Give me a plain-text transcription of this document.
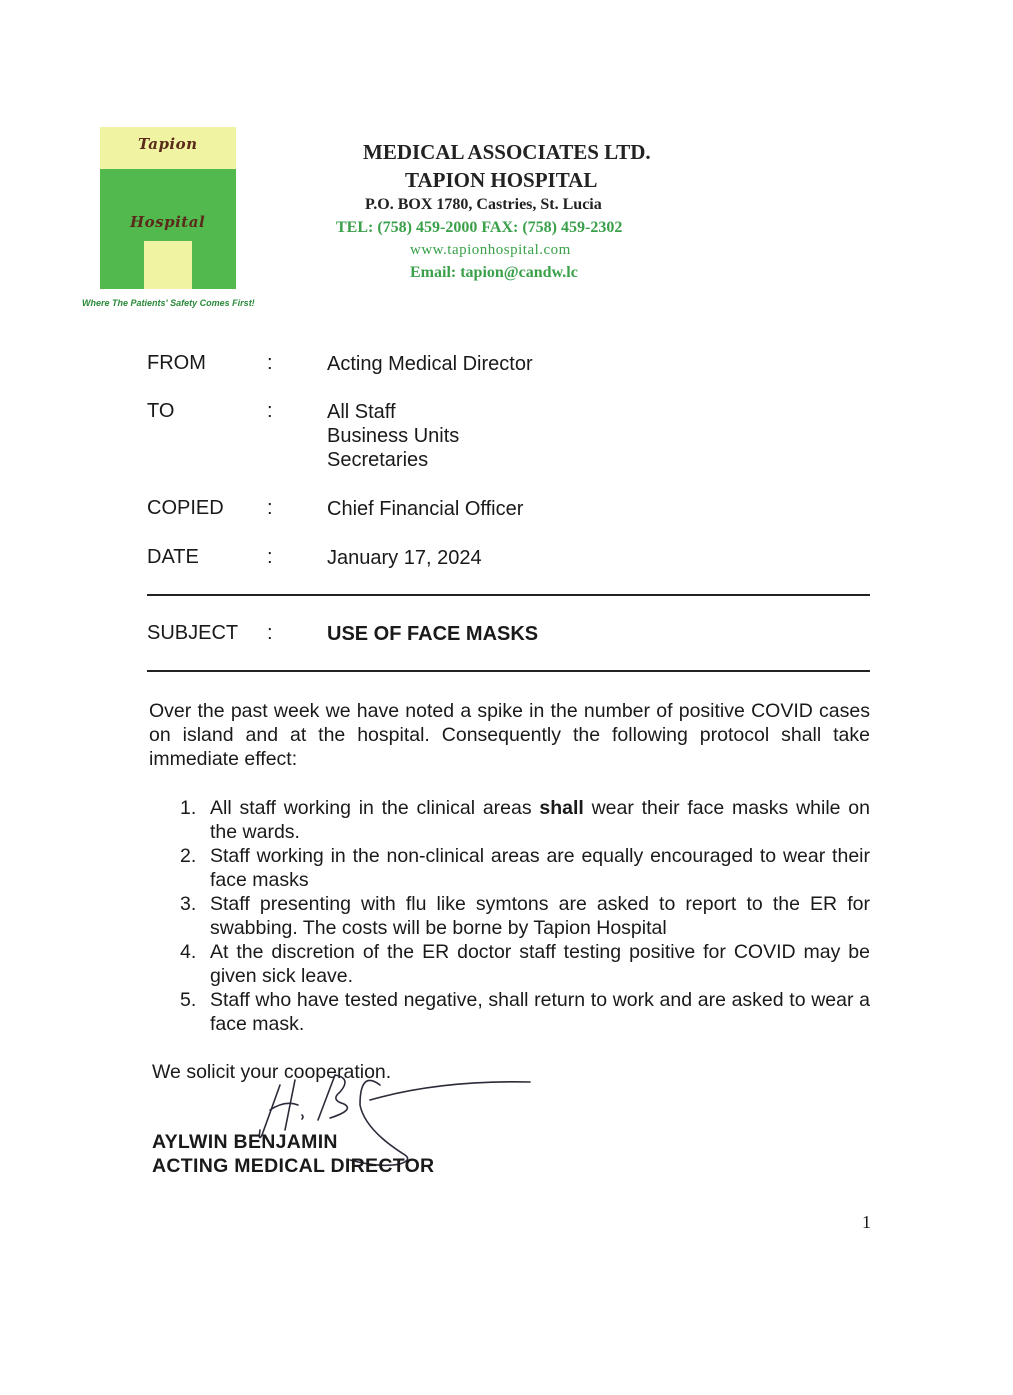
Tapion
Hospital
Where The Patients' Safety Comes First!
MEDICAL ASSOCIATES LTD.
TAPION HOSPITAL
P.O. BOX 1780, Castries, St. Lucia
TEL: (758) 459-2000 FAX: (758) 459-2302
www.tapionhospital.com
Email: tapion@candw.lc
FROM	:	Acting Medical Director
TO	:	All Staff
Business Units
Secretaries
COPIED :	Chief Financial Officer
DATE	:	January 17, 2024
SUBJECT :	USE OF FACE MASKS
Over the past week we have noted a spike in the number of positive COVID cases on island and at the hospital. Consequently the following protocol shall take immediate effect:
1. All staff working in the clinical areas shall wear their face masks while on the wards.
2. Staff working in the non-clinical areas are equally encouraged to wear their face masks
3. Staff presenting with flu like symtons are asked to report to the ER for swabbing. The costs will be borne by Tapion Hospital
4. At the discretion of the ER doctor staff testing positive for COVID may be given sick leave.
5. Staff who have tested negative, shall return to work and are asked to wear a face mask.
We solicit your cooperation.
AYLWIN BENJAMIN
ACTING MEDICAL DIRECTOR
1
